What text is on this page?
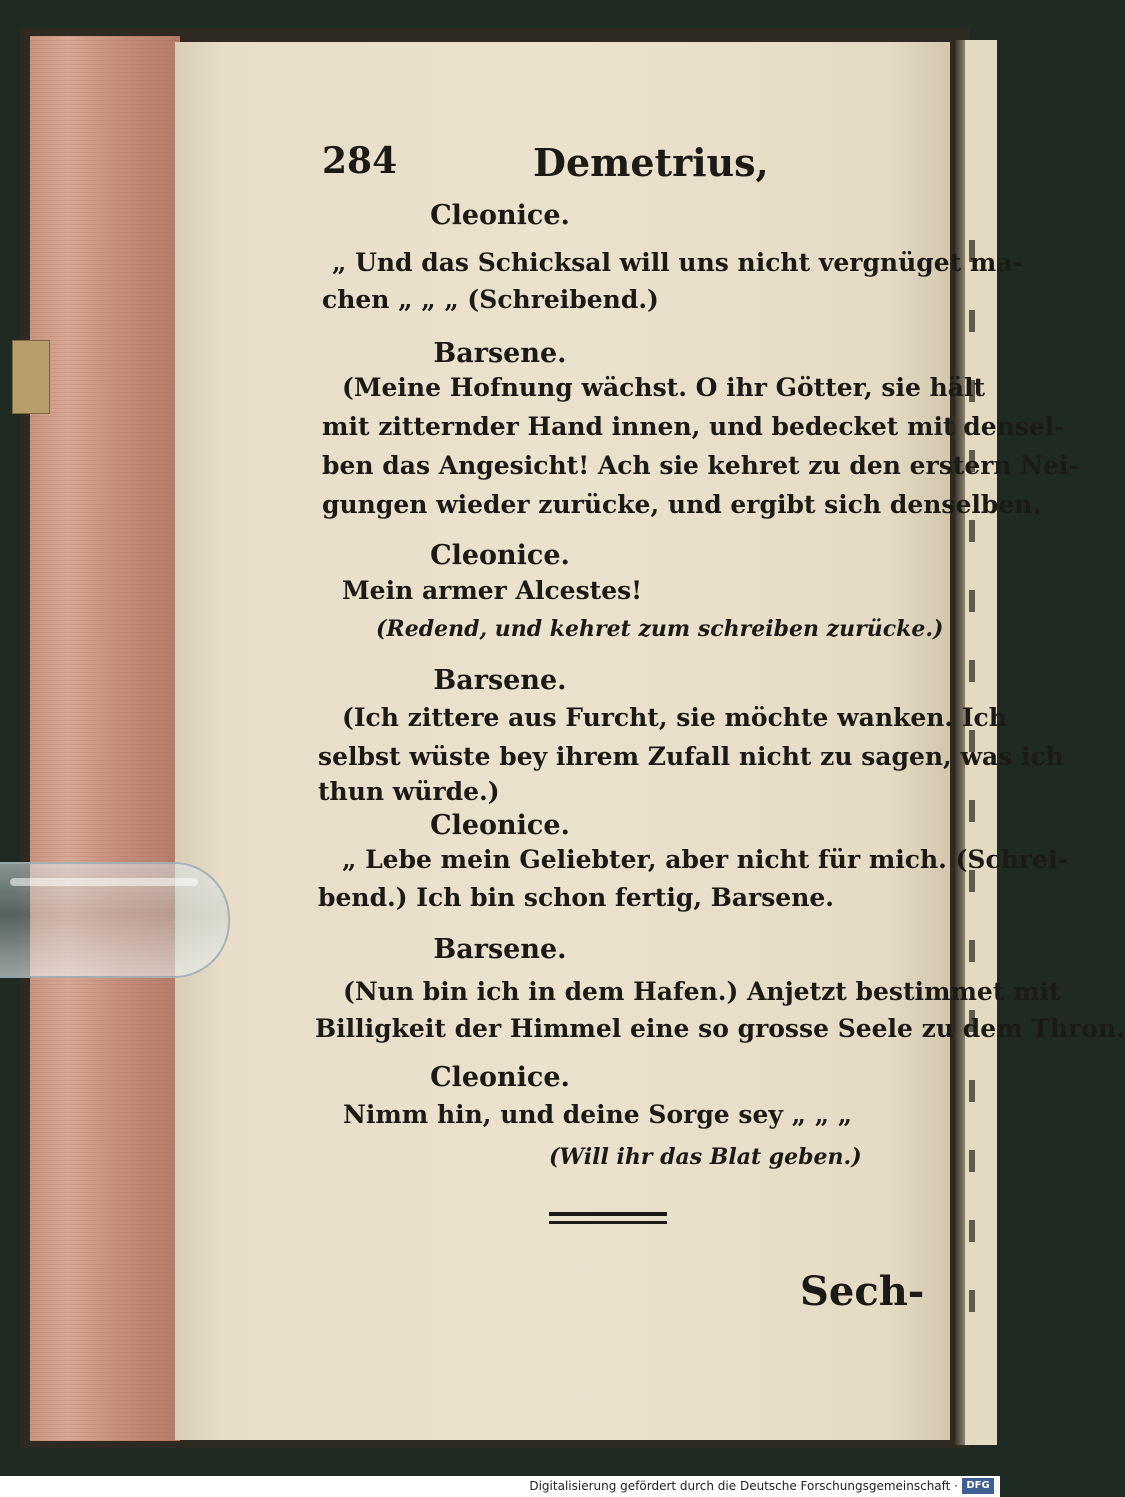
284	Demetrius,
Cleonice.
„ Und das Schicksal will uns nicht vergnüget ma-
chen „ „ „ (Schreibend.)
Barsene.
(Meine Hofnung wächst. O ihr Götter, sie hält
mit zitternder Hand innen, und bedecket mit densel-
ben das Angesicht! Ach sie kehret zu den erstern Nei-
gungen wieder zurücke, und ergibt sich denselben.
Cleonice.
Mein armer Alcestes!
(Redend, und kehret zum schreiben zurücke.)
Barsene.
(Ich zittere aus Furcht, sie möchte wanken. Ich
selbst wüste bey ihrem Zufall nicht zu sagen, was ich
thun würde.)
Cleonice.
„ Lebe mein Geliebter, aber nicht für mich. (Schrei-
bend.) Ich bin schon fertig, Barsene.
Barsene.
(Nun bin ich in dem Hafen.) Anjetzt bestimmet mit
Billigkeit der Himmel eine so grosse Seele zu dem Thron.
Cleonice.
Nimm hin, und deine Sorge sey „ „ „
(Will ihr das Blat geben.)
Sech-
Digitalisierung gefördert durch die Deutsche Forschungsgemeinschaft · DFG
